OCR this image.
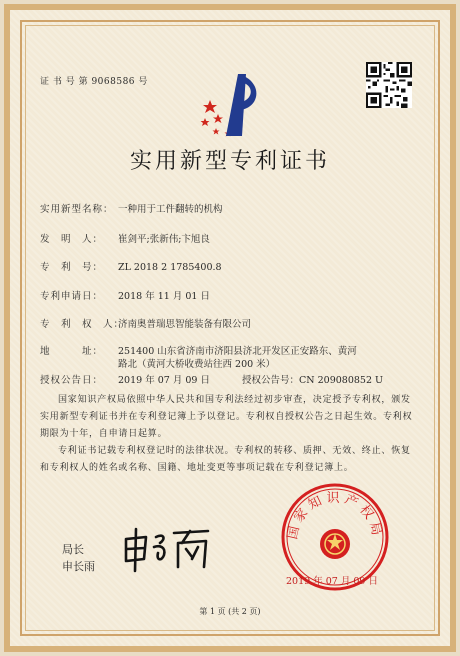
证 书 号 第 9068586 号
实用新型专利证书
实用新型名称： 一种用于工件翻转的机构
发　明　人： 崔剑平;张新伟;卞旭良
专　利　号： ZL 2018 2 1785400.8
专利申请日： 2018 年 11 月 01 日
专　利　权　人：济南奥普瑞思智能装备有限公司
地　　　址： 251400 山东省济南市济阳县济北开发区正安路东、黄河
路北（黄河大桥收费站往西 200 米）
授权公告日： 2019 年 07 月 09 日	授权公告号：CN 209080852 U
国家知识产权局依照中华人民共和国专利法经过初步审查，决定授予专利权，颁发实用新型专利证书并在专利登记簿上予以登记。专利权自授权公告之日起生效。专利权期限为十年，自申请日起算。
专利证书记载专利权登记时的法律状况。专利权的转移、质押、无效、终止、恢复和专利权人的姓名或名称、国籍、地址变更等事项记载在专利登记簿上。
局长
申长雨
国家知识产权局
2019 年 07 月 09 日
第 1 页 (共 2 页)
